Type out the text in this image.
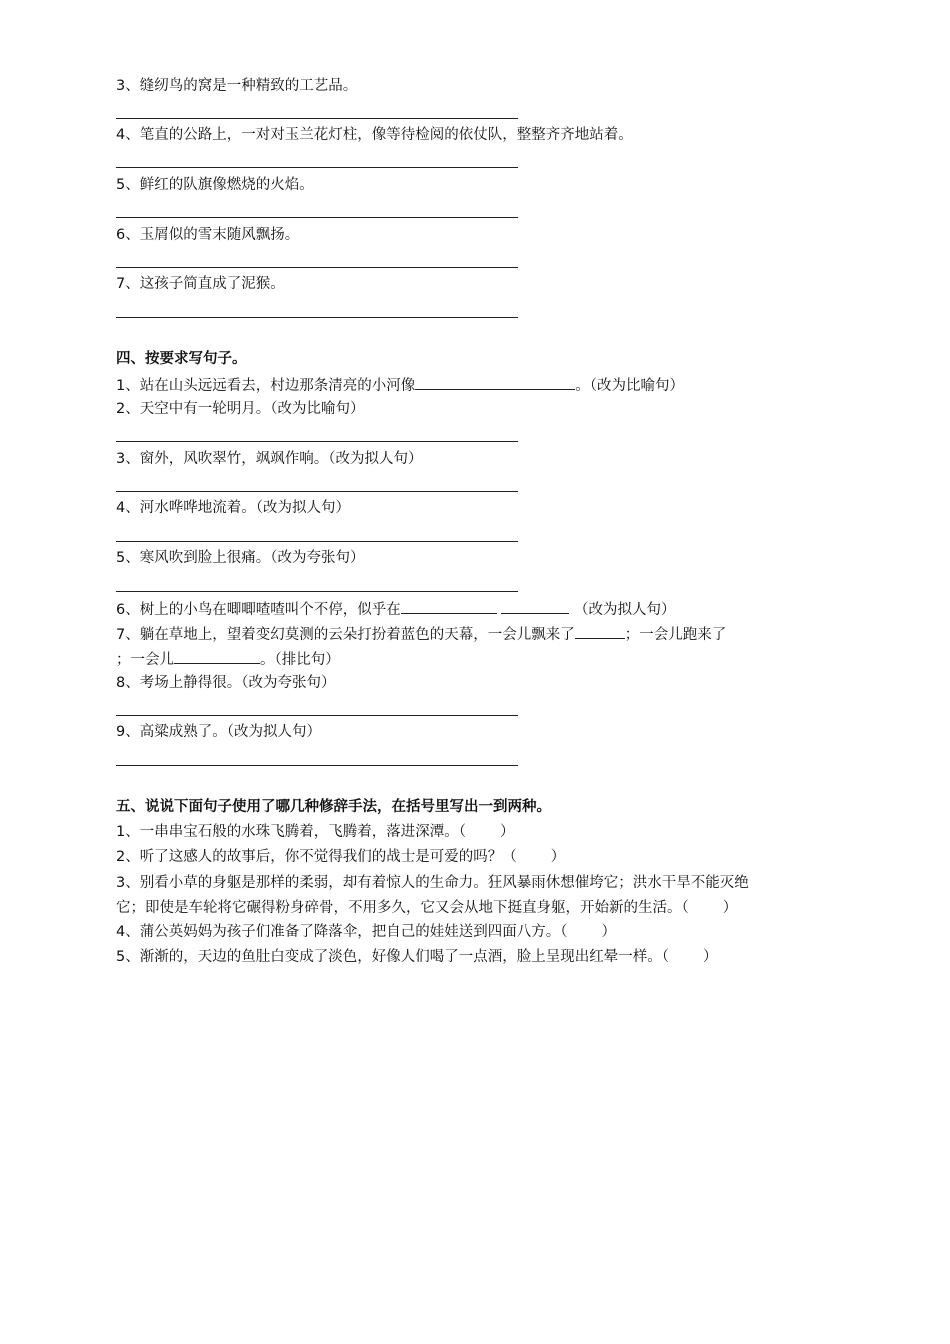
3、缝纫鸟的窝是一种精致的工艺品。
4、笔直的公路上，一对对玉兰花灯柱，像等待检阅的依仗队，整整齐齐地站着。
5、鲜红的队旗像燃烧的火焰。
6、玉屑似的雪末随风飘扬。
7、这孩子简直成了泥猴。
四、按要求写句子。
1、站在山头远远看去，村边那条清亮的小河像	。（改为比喻句）
2、天空中有一轮明月。（改为比喻句）
3、窗外，风吹翠竹，飒飒作响。（改为拟人句）
4、河水哗哗地流着。（改为拟人句）
5、寒风吹到脸上很痛。（改为夸张句）
6、树上的小鸟在唧唧喳喳叫个不停，似乎在	（改为拟人句）
7、躺在草地上，望着变幻莫测的云朵打扮着蓝色的天幕，一会儿飘来了	；一会儿跑来了
；一会儿	。（排比句）
8、考场上静得很。（改为夸张句）
9、高粱成熟了。（改为拟人句）
五、说说下面句子使用了哪几种修辞手法，在括号里写出一到两种。
1、一串串宝石般的水珠飞腾着，飞腾着，落进深潭。（ ）
2、听了这感人的故事后，你不觉得我们的战士是可爱的吗？（ ）
3、别看小草的身躯是那样的柔弱，却有着惊人的生命力。狂风暴雨休想催垮它；洪水干旱不能灭绝
它；即使是车轮将它碾得粉身碎骨，不用多久，它又会从地下挺直身躯，开始新的生活。（ ）
4、蒲公英妈妈为孩子们准备了降落伞，把自己的娃娃送到四面八方。（ ）
5、渐渐的，天边的鱼肚白变成了淡色，好像人们喝了一点酒，脸上呈现出红晕一样。（ ）
